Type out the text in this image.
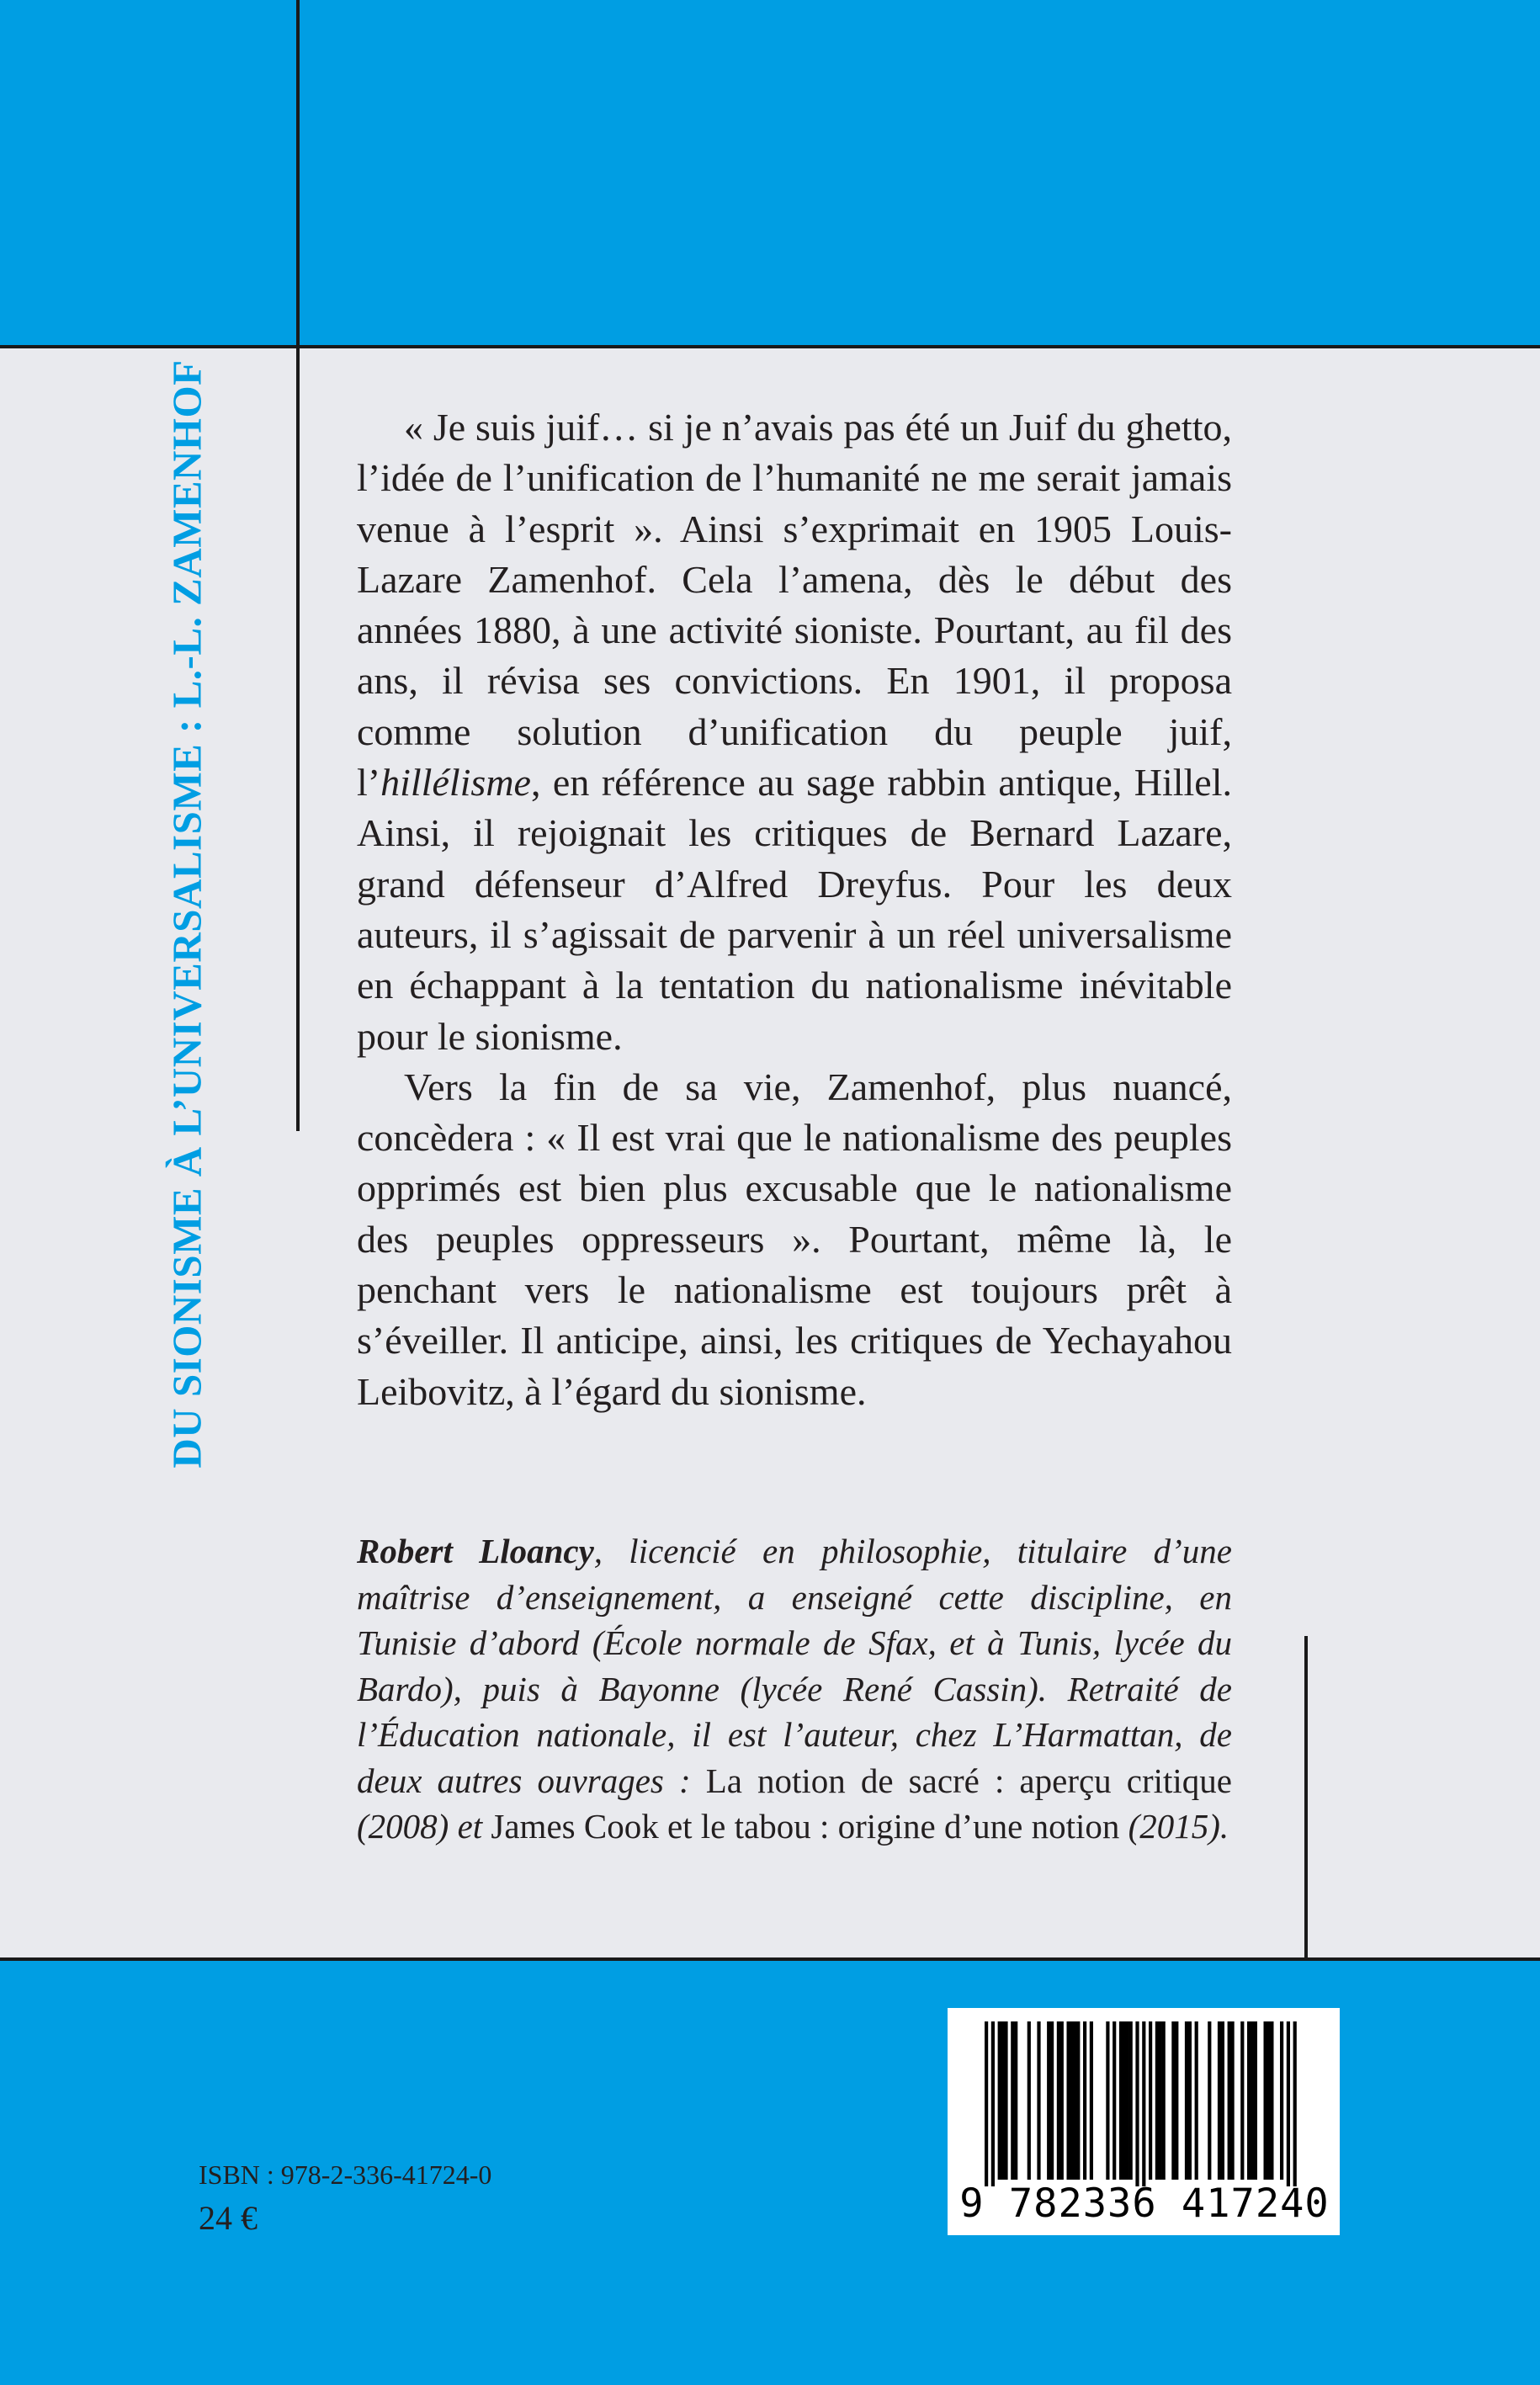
DU SIONISME À L’UNIVERSALISME : L.-L. ZAMENHOF	« Je suis juif… si je n’avais pas été un Juif du ghetto, l’idée de l’unification de l’humanité ne me serait jamais venue à l’esprit ». Ainsi s’exprimait en 1905 Louis-Lazare Zamenhof. Cela l’amena, dès le début des années 1880, à une activité sioniste. Pourtant, au fil des ans, il révisa ses convictions. En 1901, il proposa comme solution d’unification du peuple juif, l’hillélisme, en référence au sage rabbin antique, Hillel. Ainsi, il rejoignait les critiques de Bernard Lazare, grand défenseur d’Alfred Dreyfus. Pour les deux auteurs, il s’agissait de parvenir à un réel universalisme en échappant à la tentation du nationalisme inévitable pour le sionisme.

Vers la fin de sa vie, Zamenhof, plus nuancé, concèdera : « Il est vrai que le nationalisme des peuples opprimés est bien plus excusable que le nationalisme des peuples oppresseurs ». Pourtant, même là, le penchant vers le nationalisme est toujours prêt à s’éveiller. Il anticipe, ainsi, les critiques de Yechayahou Leibovitz, à l’égard du sionisme.

Robert Lloancy, licencié en philosophie, titulaire d’une maîtrise d’enseignement, a enseigné cette discipline, en Tunisie d’abord (École normale de Sfax, et à Tunis, lycée du Bardo), puis à Bayonne (lycée René Cassin). Retraité de l’Éducation nationale, il est l’auteur, chez L’Harmattan, de deux autres ouvrages : La notion de sacré : aperçu critique (2008) et James Cook et le tabou : origine d’une notion (2015).
ISBN : 978-2-336-41724-0
24 €	9 782336 417240
